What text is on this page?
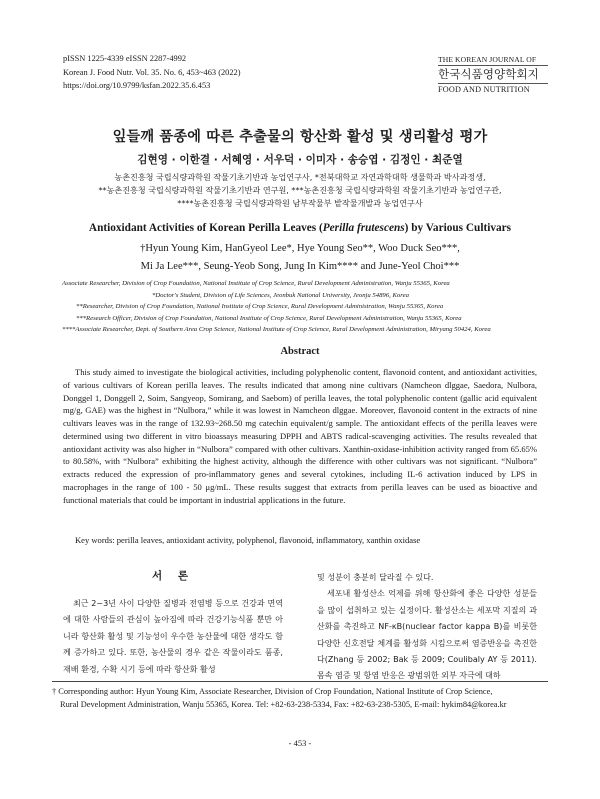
pISSN 1225-4339 eISSN 2287-4992
Korean J. Food Nutr. Vol. 35. No. 6, 453~463 (2022)
https://doi.org/10.9799/ksfan.2022.35.6.453
THE KOREAN JOURNAL OF
한국식품영양학회지
FOOD AND NUTRITION
잎들깨 품종에 따른 추출물의 항산화 활성 및 생리활성 평가
김현영 · 이한결 · 서혜영 · 서우덕 · 이미자 · 송승엽 · 김정인 · 최준열
농촌진흥청 국립식량과학원 작물기초기반과 농업연구사, *전북대학교 자연과학대학 생물학과 박사과정생,
**농촌진흥청 국립식량과학원 작물기초기반과 연구원, ***농촌진흥청 국립식량과학원 작물기초기반과 농업연구관,
****농촌진흥청 국립식량과학원 남부작물부 밭작물개발과 농업연구사
Antioxidant Activities of Korean Perilla Leaves (Perilla frutescens) by Various Cultivars
†Hyun Young Kim, HanGyeol Lee*, Hye Young Seo**, Woo Duck Seo***,
Mi Ja Lee***, Seung-Yeob Song, Jung In Kim**** and June-Yeol Choi***
Associate Researcher, Division of Crop Foundation, National Institute of Crop Science, Rural Development Administration, Wanju 55365, Korea
*Doctor's Student, Division of Life Sciences, Jeonbuk National University, Jeonju 54896, Korea
**Researcher, Division of Crop Foundation, National Institute of Crop Science, Rural Development Administration, Wanju 55365, Korea
***Research Officer, Division of Crop Foundation, National Institute of Crop Science, Rural Development Administration, Wanju 55365, Korea
****Associate Researcher, Dept. of Southern Area Crop Science, National Institute of Crop Science, Rural Development Administration, Miryang 50424, Korea
Abstract

This study aimed to investigate the biological activities, including polyphenolic content, flavonoid content, and antioxidant activities, of various cultivars of Korean perilla leaves. The results indicated that among nine cultivars (Namcheon dlggae, Saedora, Nulbora, Donggel 1, Donggell 2, Soim, Sangyeop, Somirang, and Saebom) of perilla leaves, the total polyphenolic content (gallic acid equivalent mg/g, GAE) was the highest in “Nulbora,” while it was lowest in Namcheon dlggae. Moreover, flavonoid content in the extracts of nine cultivars leaves was in the range of 132.93~268.50 mg catechin equivalent/g sample. The antioxidant effects of the perilla leaves were determined using two different in vitro bioassays measuring DPPH and ABTS radical-scavenging activities. The results revealed that antioxidant activity was also higher in “Nulbora” compared with other cultivars. Xanthin-oxidase-inhibition activity ranged from 65.65% to 80.58%, with “Nulbora” exhibiting the highest activity, although the difference with other cultivars was not significant. “Nulbora” extracts reduced the expression of pro-inflammatory genes and several cytokines, including IL-6 activation induced by LPS in macrophages in the range of 100 - 50 μg/mL. These results suggest that extracts from perilla leaves can be used as bioactive and functional materials that could be important in industrial applications in the future.

Key words: perilla leaves, antioxidant activity, polyphenol, flavonoid, inflammatory, xanthin oxidase
서 론

최근 2~3년 사이 다양한 질병과 전염병 등으로 건강과 면역에 대한 사람들의 관심이 높아짐에 따라 건강기능식품 뿐만 아니라 항산화 활성 및 기능성이 우수한 농산물에 대한 생각도 함께 증가하고 있다. 또한, 농산물의 경우 같은 작물이라도 품종, 재배 환경, 수확 시기 등에 따라 항산화 활성

및 성분이 충분히 달라질 수 있다.

세포내 활성산소 억제를 위해 항산화에 좋은 다양한 성분들을 많이 섭취하고 있는 실정이다. 활성산소는 세포막 지질의 과산화를 촉진하고 NF-κB(nuclear factor kappa B)를 비롯한 다양한 신호전달 체계를 활성화 시킴으로써 염증반응을 촉진한다(Zhang 등 2002; Bak 등 2009; Coulibaly AY 등 2011). 몸속 염증 및 항염 반응은 광범위한 외부 자극에 대하

† Corresponding author: Hyun Young Kim, Associate Researcher, Division of Crop Foundation, National Institute of Crop Science,
Rural Development Administration, Wanju 55365, Korea. Tel: +82-63-238-5334, Fax: +82-63-238-5305, E-mail: hykim84@korea.kr
- 453 -
